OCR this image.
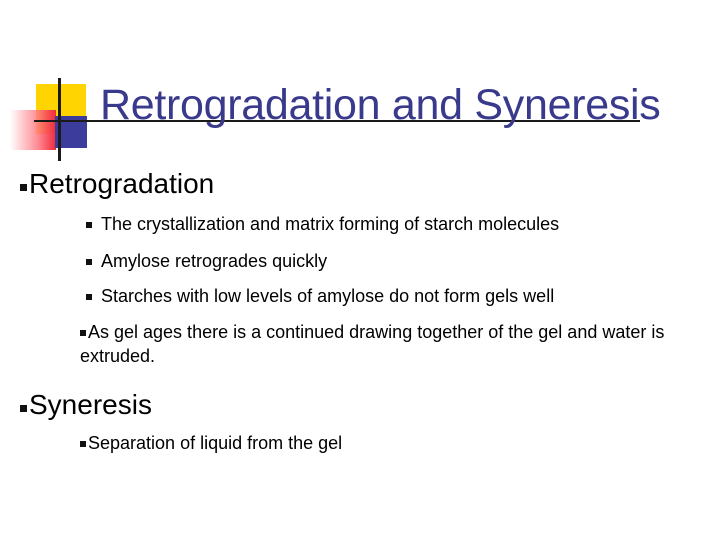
Retrogradation and Syneresis
Retrogradation
The crystallization and matrix forming of starch molecules
Amylose retrogrades quickly
Starches with low levels of amylose do not form gels well
As gel ages there is a continued drawing together of the gel and water is extruded.
Syneresis
Separation of liquid from the gel
